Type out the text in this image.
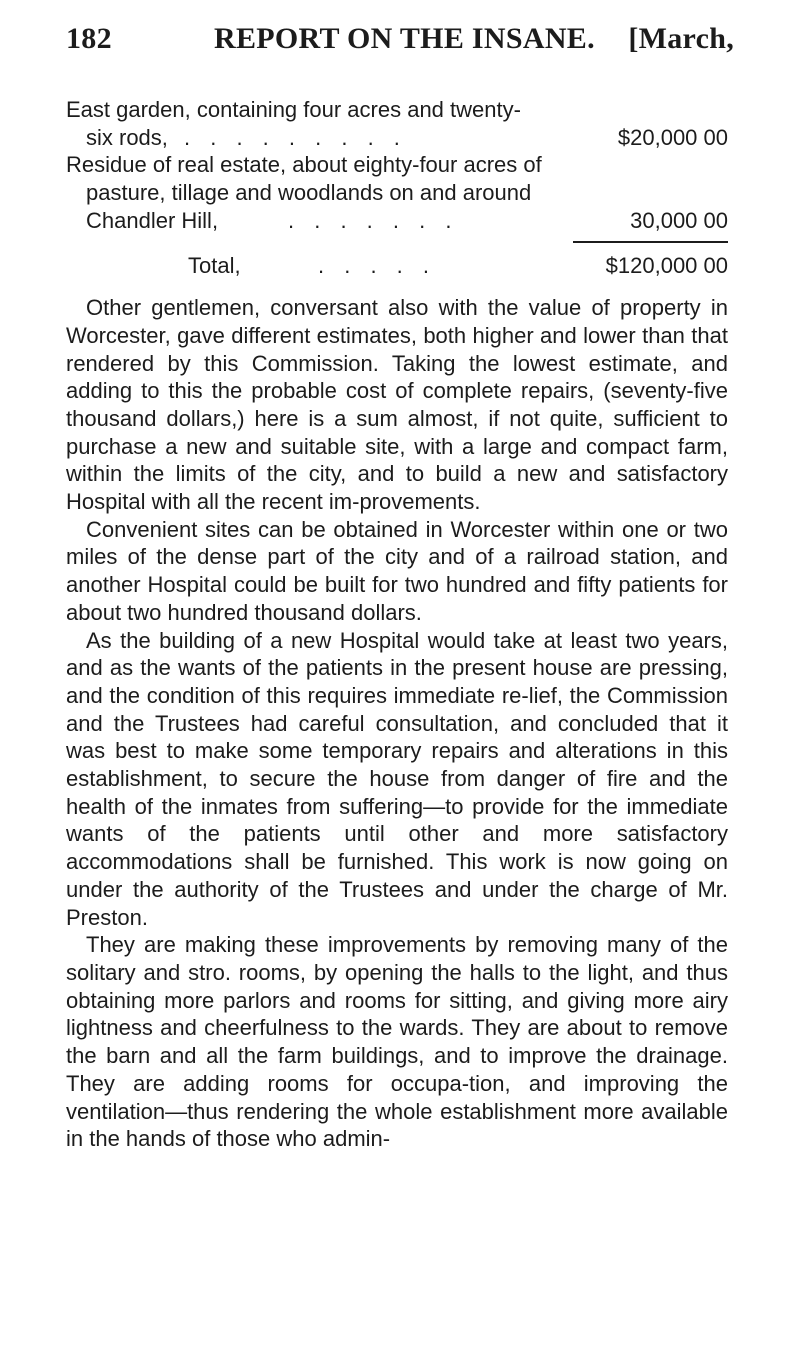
182	REPORT ON THE INSANE. [March,
East garden, containing four acres and twenty-
six rods, . . . . . . . . .	$20,000 00
Residue of real estate, about eighty-four acres of
pasture, tillage and woodlands on and around
Chandler Hill,	. . . . . . .	30,000 00
Total,	. . . . .	$120,000 00

Other gentlemen, conversant also with the value of property in Worcester, gave different estimates, both higher and lower than that rendered by this Commission. Taking the lowest estimate, and adding to this the probable cost of complete repairs, (seventy-five thousand dollars,) here is a sum almost, if not quite, sufficient to purchase a new and suitable site, with a large and compact farm, within the limits of the city, and to build a new and satisfactory Hospital with all the recent im-provements.

Convenient sites can be obtained in Worcester within one or two miles of the dense part of the city and of a railroad station, and another Hospital could be built for two hundred and fifty patients for about two hundred thousand dollars.

As the building of a new Hospital would take at least two years, and as the wants of the patients in the present house are pressing, and the condition of this requires immediate re-lief, the Commission and the Trustees had careful consultation, and concluded that it was best to make some temporary repairs and alterations in this establishment, to secure the house from danger of fire and the health of the inmates from suffering—to provide for the immediate wants of the patients until other and more satisfactory accommodations shall be furnished. This work is now going on under the authority of the Trustees and under the charge of Mr. Preston.

They are making these improvements by removing many of the solitary and stro. rooms, by opening the halls to the light, and thus obtaining more parlors and rooms for sitting, and giving more airy lightness and cheerfulness to the wards. They are about to remove the barn and all the farm buildings, and to improve the drainage. They are adding rooms for occupa-tion, and improving the ventilation—thus rendering the whole establishment more available in the hands of those who admin-
